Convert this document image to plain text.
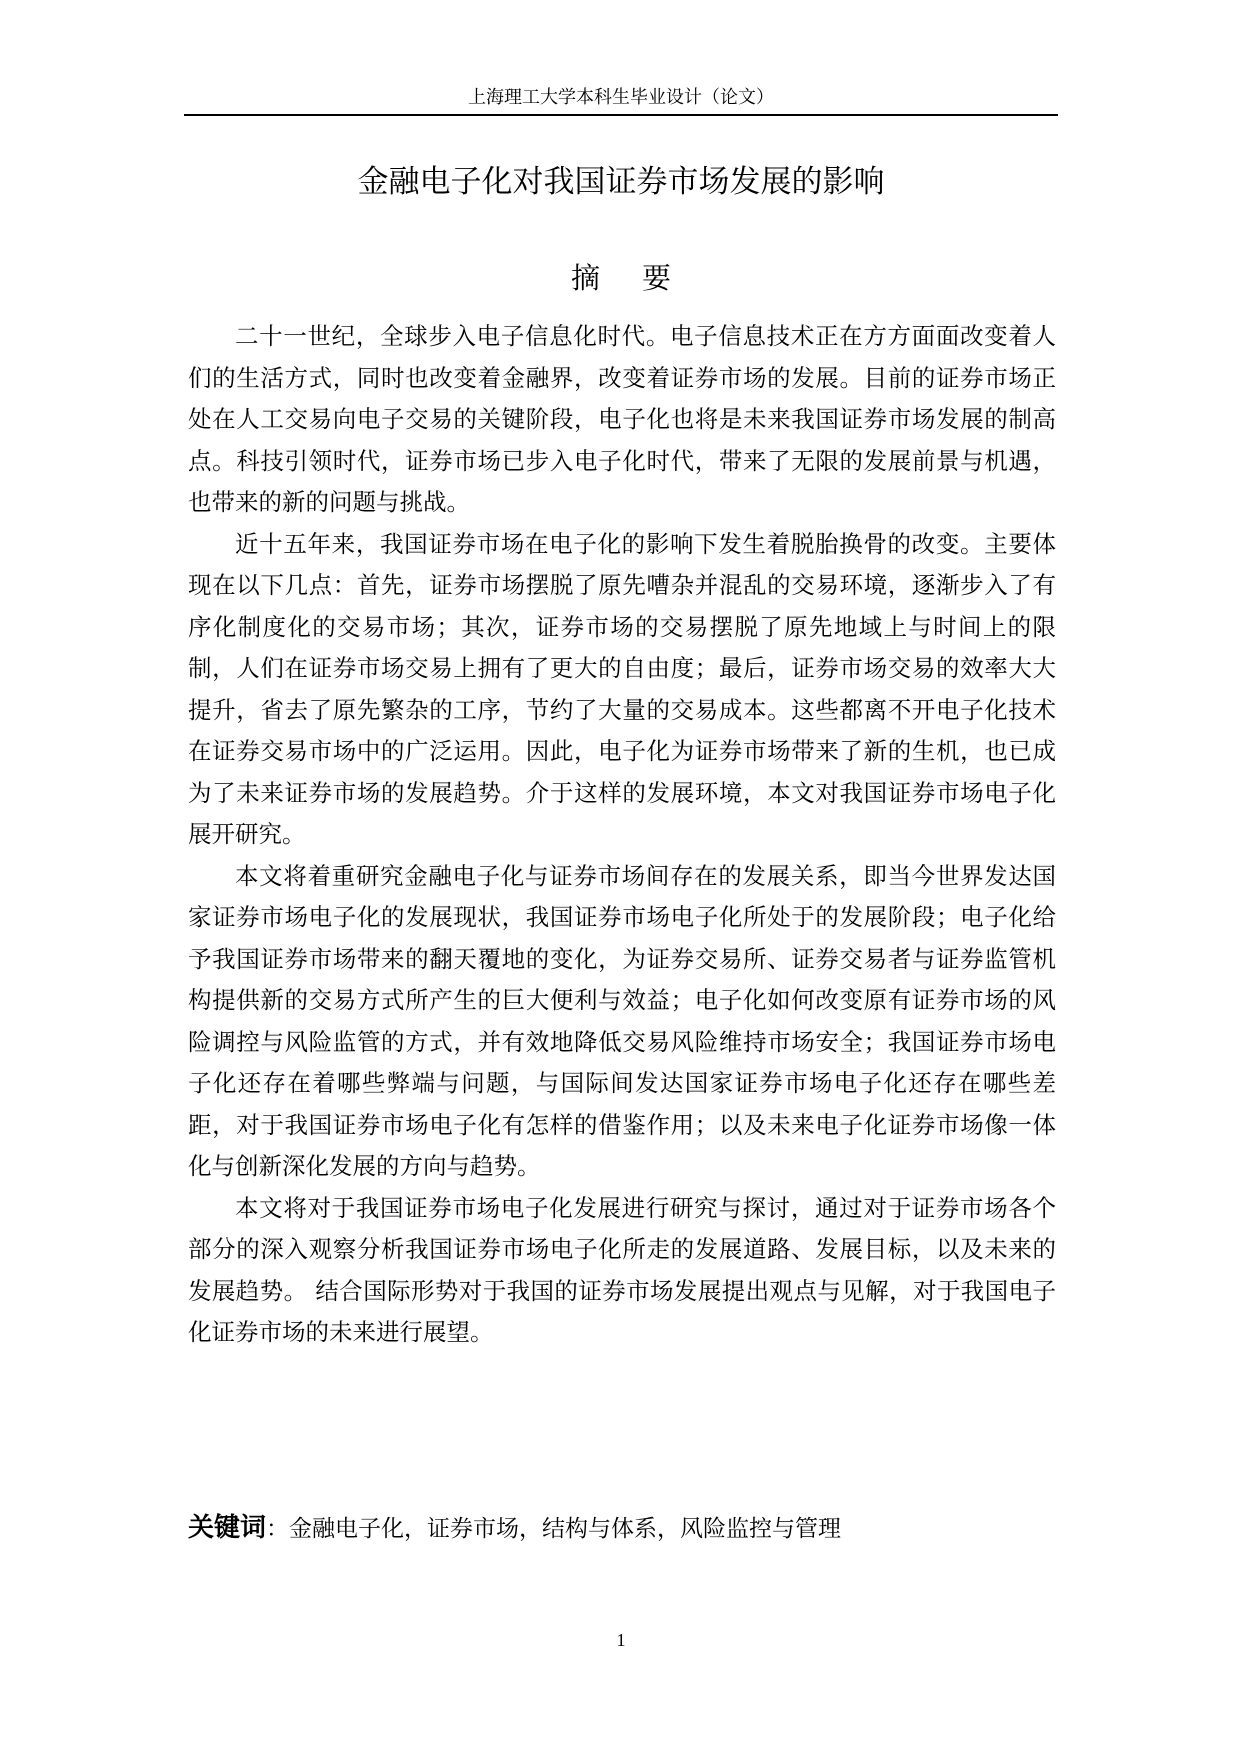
上海理工大学本科生毕业设计（论文）
金融电子化对我国证券市场发展的影响
摘要

二十一世纪，全球步入电子信息化时代。电子信息技术正在方方面面改变着人们的生活方式，同时也改变着金融界，改变着证券市场的发展。目前的证券市场正处在人工交易向电子交易的关键阶段，电子化也将是未来我国证券市场发展的制高点。科技引领时代，证券市场已步入电子化时代，带来了无限的发展前景与机遇，也带来的新的问题与挑战。

近十五年来，我国证券市场在电子化的影响下发生着脱胎换骨的改变。主要体现在以下几点：首先，证券市场摆脱了原先嘈杂并混乱的交易环境，逐渐步入了有序化制度化的交易市场；其次，证券市场的交易摆脱了原先地域上与时间上的限制，人们在证券市场交易上拥有了更大的自由度；最后，证券市场交易的效率大大提升，省去了原先繁杂的工序，节约了大量的交易成本。这些都离不开电子化技术在证券交易市场中的广泛运用。因此，电子化为证券市场带来了新的生机，也已成为了未来证券市场的发展趋势。介于这样的发展环境，本文对我国证券市场电子化展开研究。

本文将着重研究金融电子化与证券市场间存在的发展关系，即当今世界发达国家证券市场电子化的发展现状，我国证券市场电子化所处于的发展阶段；电子化给予我国证券市场带来的翻天覆地的变化，为证券交易所、证券交易者与证券监管机构提供新的交易方式所产生的巨大便利与效益；电子化如何改变原有证券市场的风险调控与风险监管的方式，并有效地降低交易风险维持市场安全；我国证券市场电子化还存在着哪些弊端与问题，与国际间发达国家证券市场电子化还存在哪些差距，对于我国证券市场电子化有怎样的借鉴作用；以及未来电子化证券市场像一体化与创新深化发展的方向与趋势。

本文将对于我国证券市场电子化发展进行研究与探讨，通过对于证券市场各个部分的深入观察分析我国证券市场电子化所走的发展道路、发展目标，以及未来的发展趋势。 结合国际形势对于我国的证券市场发展提出观点与见解，对于我国电子化证券市场的未来进行展望。

关键词：金融电子化，证券市场，结构与体系，风险监控与管理
1
